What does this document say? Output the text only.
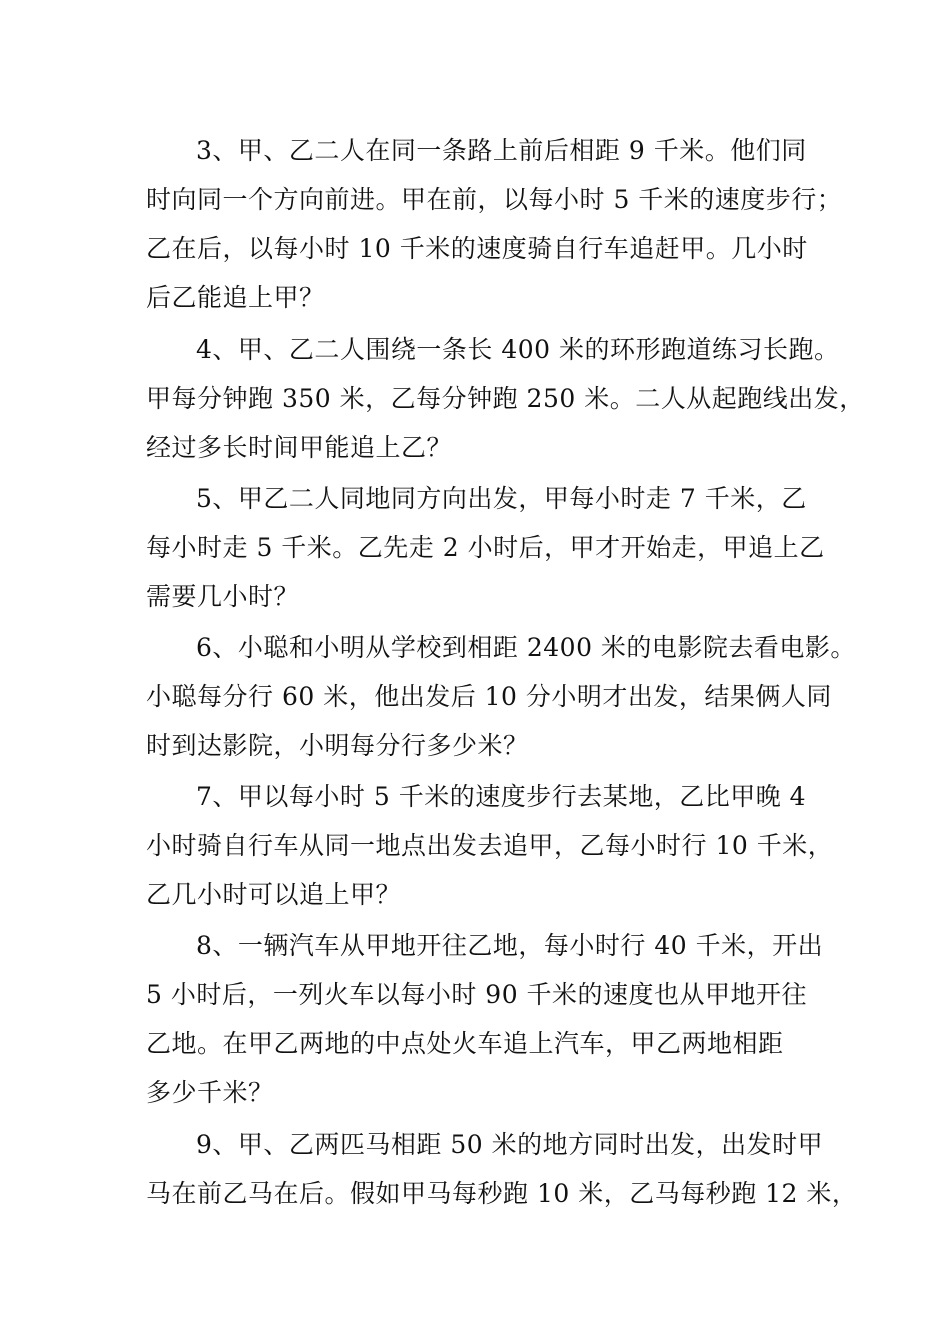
3、甲、乙二人在同一条路上前后相距 9 千米。他们同
时向同一个方向前进。甲在前，以每小时 5 千米的速度步行；
乙在后，以每小时 10 千米的速度骑自行车追赶甲。几小时
后乙能追上甲？
4、甲、乙二人围绕一条长 400 米的环形跑道练习长跑。
甲每分钟跑 350 米，乙每分钟跑 250 米。二人从起跑线出发，
经过多长时间甲能追上乙？
5、甲乙二人同地同方向出发，甲每小时走 7 千米，乙
每小时走 5 千米。乙先走 2 小时后，甲才开始走，甲追上乙
需要几小时？
6、小聪和小明从学校到相距 2400 米的电影院去看电影。
小聪每分行 60 米，他出发后 10 分小明才出发，结果俩人同
时到达影院，小明每分行多少米？
7、甲以每小时 5 千米的速度步行去某地，乙比甲晚 4
小时骑自行车从同一地点出发去追甲，乙每小时行 10 千米，
乙几小时可以追上甲？
8、一辆汽车从甲地开往乙地，每小时行 40 千米，开出
5 小时后，一列火车以每小时 90 千米的速度也从甲地开往
乙地。在甲乙两地的中点处火车追上汽车，甲乙两地相距
多少千米？
9、甲、乙两匹马相距 50 米的地方同时出发，出发时甲
马在前乙马在后。假如甲马每秒跑 10 米，乙马每秒跑 12 米，
